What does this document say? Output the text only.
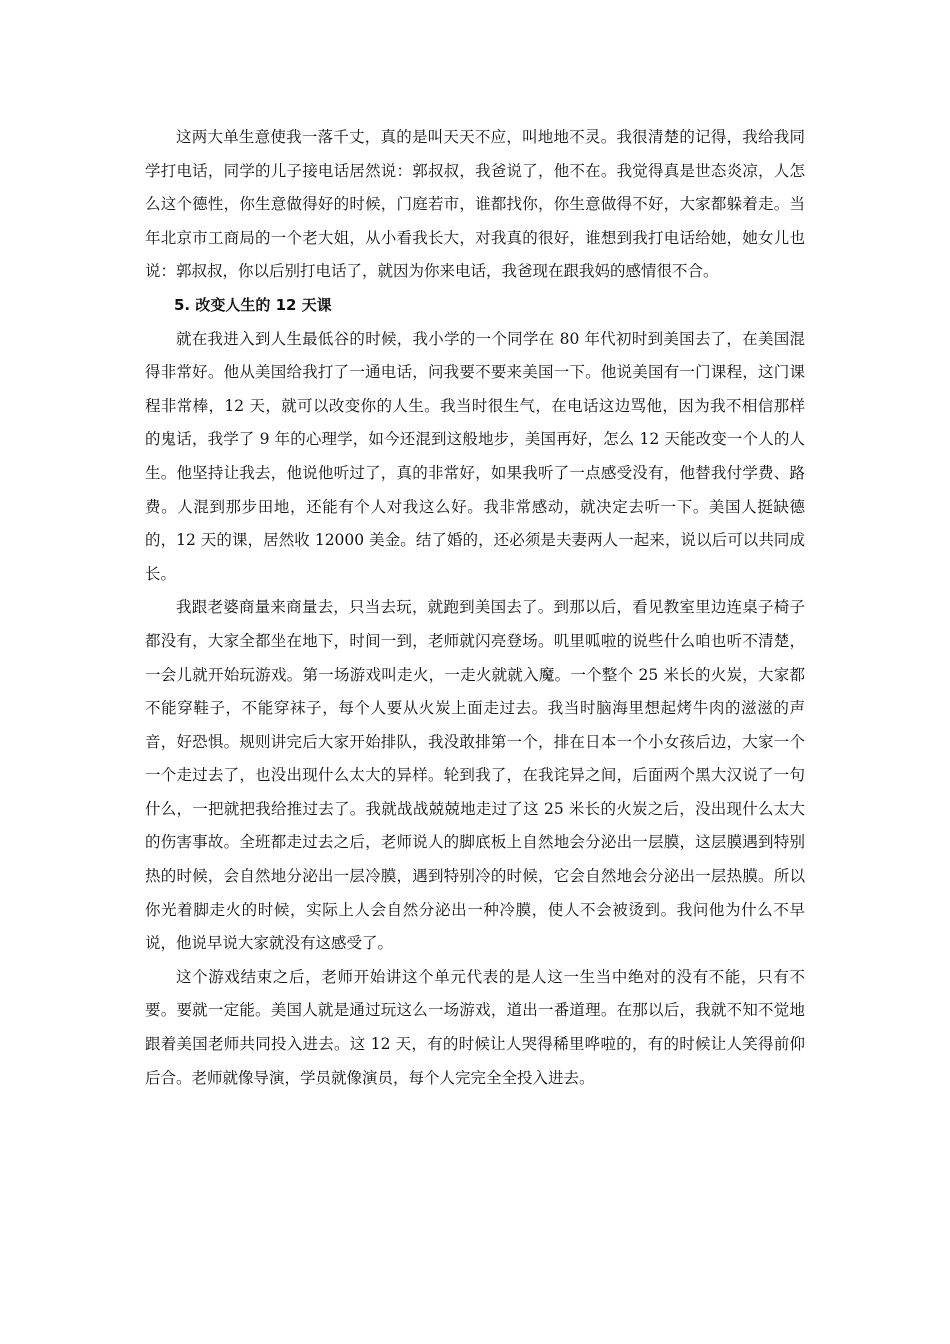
这两大单生意使我一落千丈，真的是叫天天不应，叫地地不灵。我很清楚的记得，我给我同学打电话，同学的儿子接电话居然说：郭叔叔，我爸说了，他不在。我觉得真是世态炎凉，人怎么这个德性，你生意做得好的时候，门庭若市，谁都找你，你生意做得不好，大家都躲着走。当年北京市工商局的一个老大姐，从小看我长大，对我真的很好，谁想到我打电话给她，她女儿也说：郭叔叔，你以后别打电话了，就因为你来电话，我爸现在跟我妈的感情很不合。

5. 改变人生的 12 天课

就在我进入到人生最低谷的时候，我小学的一个同学在 80 年代初时到美国去了，在美国混得非常好。他从美国给我打了一通电话，问我要不要来美国一下。他说美国有一门课程，这门课程非常棒，12 天，就可以改变你的人生。我当时很生气，在电话这边骂他，因为我不相信那样的鬼话，我学了 9 年的心理学，如今还混到这般地步，美国再好，怎么 12 天能改变一个人的人生。他坚持让我去，他说他听过了，真的非常好，如果我听了一点感受没有，他替我付学费、路费。人混到那步田地，还能有个人对我这么好。我非常感动，就决定去听一下。美国人挺缺德的，12 天的课，居然收 12000 美金。结了婚的，还必须是夫妻两人一起来，说以后可以共同成长。

我跟老婆商量来商量去，只当去玩，就跑到美国去了。到那以后，看见教室里边连桌子椅子都没有，大家全都坐在地下，时间一到，老师就闪亮登场。叽里呱啦的说些什么咱也听不清楚，一会儿就开始玩游戏。第一场游戏叫走火，一走火就就入魔。一个整个 25 米长的火炭，大家都不能穿鞋子，不能穿袜子，每个人要从火炭上面走过去。我当时脑海里想起烤牛肉的滋滋的声音，好恐惧。规则讲完后大家开始排队，我没敢排第一个，排在日本一个小女孩后边，大家一个一个走过去了，也没出现什么太大的异样。轮到我了，在我诧异之间，后面两个黑大汉说了一句什么，一把就把我给推过去了。我就战战兢兢地走过了这 25 米长的火炭之后，没出现什么太大的伤害事故。全班都走过去之后，老师说人的脚底板上自然地会分泌出一层膜，这层膜遇到特别热的时候，会自然地分泌出一层冷膜，遇到特别冷的时候，它会自然地会分泌出一层热膜。所以你光着脚走火的时候，实际上人会自然分泌出一种冷膜，使人不会被烫到。我问他为什么不早说，他说早说大家就没有这感受了。

这个游戏结束之后，老师开始讲这个单元代表的是人这一生当中绝对的没有不能，只有不要。要就一定能。美国人就是通过玩这么一场游戏，道出一番道理。在那以后，我就不知不觉地跟着美国老师共同投入进去。这 12 天，有的时候让人哭得稀里哗啦的，有的时候让人笑得前仰后合。老师就像导演，学员就像演员，每个人完完全全投入进去。
